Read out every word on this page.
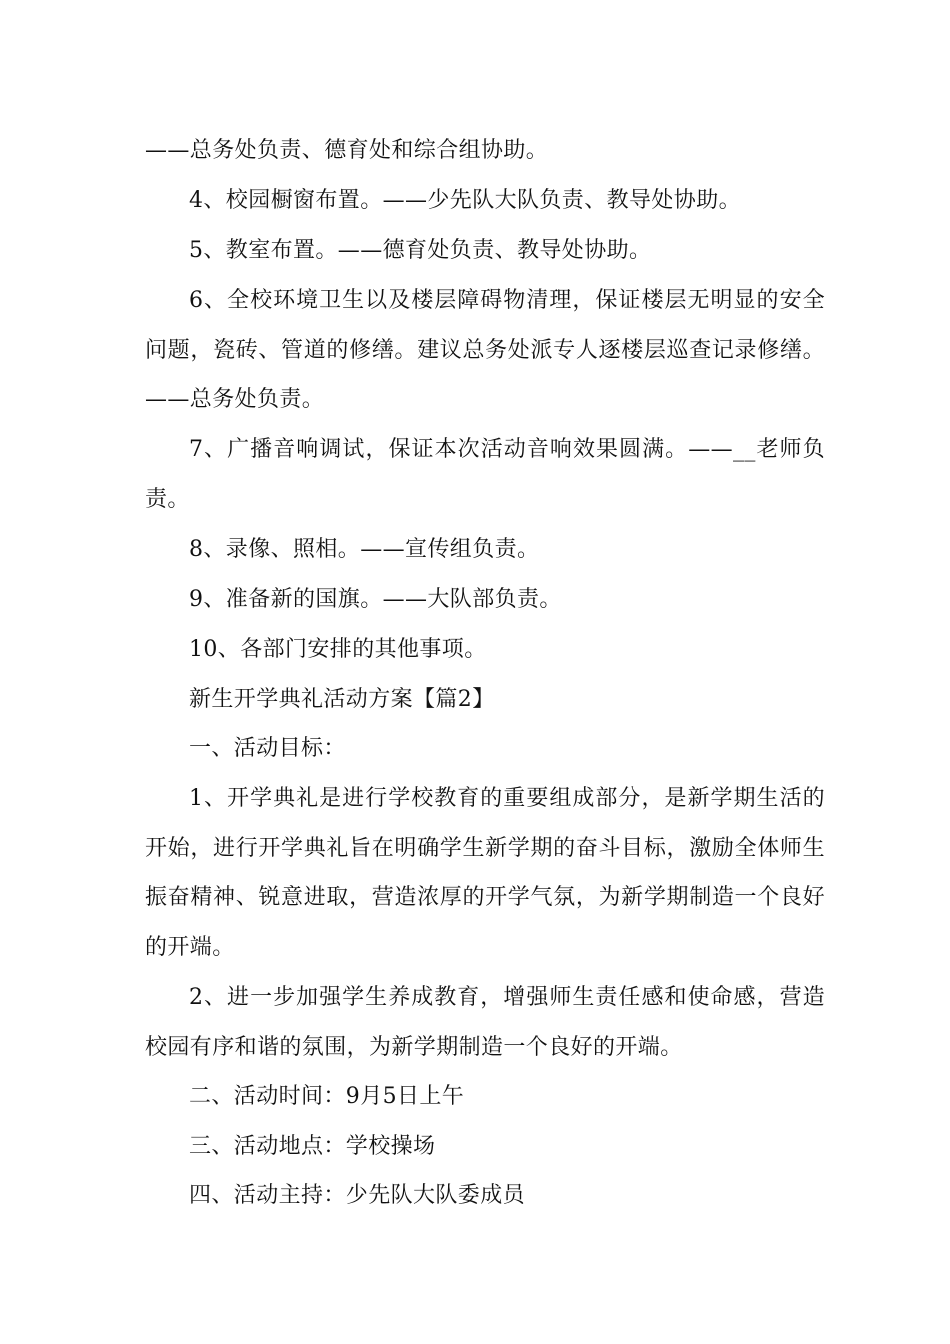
——总务处负责、德育处和综合组协助。

4、校园橱窗布置。——少先队大队负责、教导处协助。

5、教室布置。——德育处负责、教导处协助。

6、全校环境卫生以及楼层障碍物清理，保证楼层无明显的安全问题，瓷砖、管道的修缮。建议总务处派专人逐楼层巡查记录修缮。——总务处负责。

7、广播音响调试，保证本次活动音响效果圆满。——__老师负责。

8、录像、照相。——宣传组负责。

9、准备新的国旗。——大队部负责。

10、各部门安排的其他事项。

新生开学典礼活动方案【篇2】

一、活动目标：

1、开学典礼是进行学校教育的重要组成部分，是新学期生活的开始，进行开学典礼旨在明确学生新学期的奋斗目标，激励全体师生振奋精神、锐意进取，营造浓厚的开学气氛，为新学期制造一个良好的开端。

2、进一步加强学生养成教育，增强师生责任感和使命感，营造校园有序和谐的氛围，为新学期制造一个良好的开端。

二、活动时间：9月5日上午

三、活动地点：学校操场

四、活动主持：少先队大队委成员
